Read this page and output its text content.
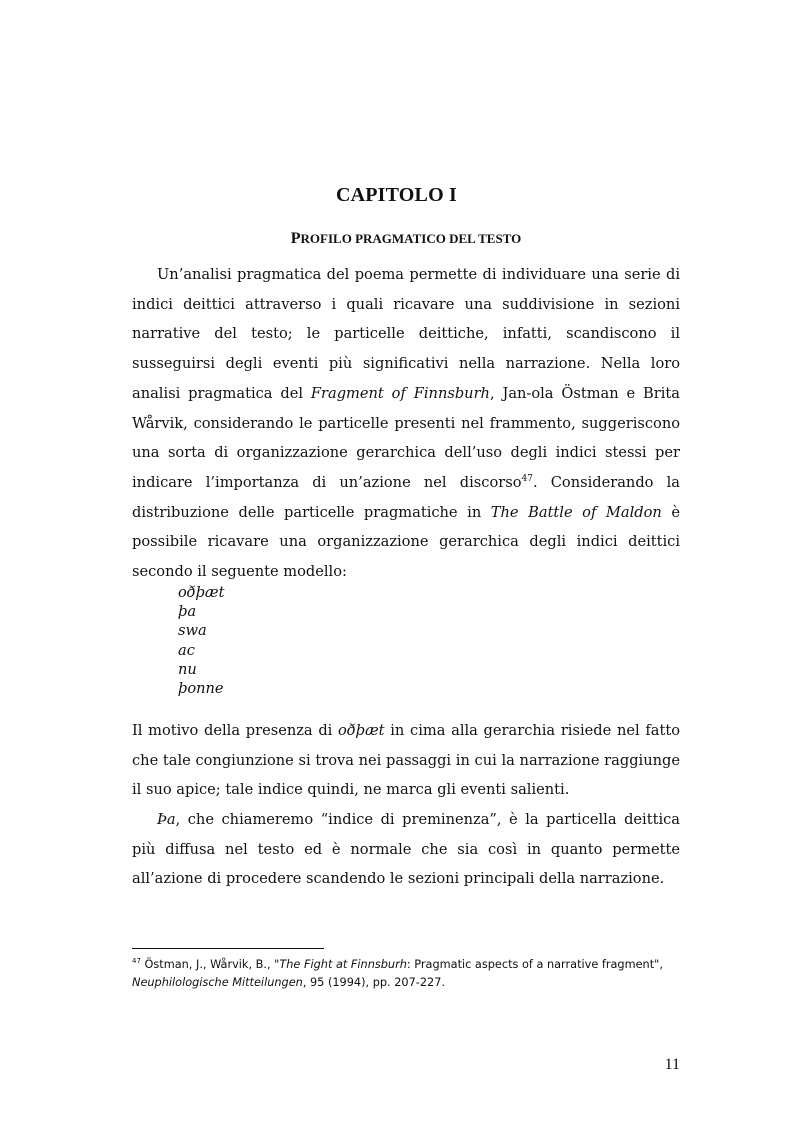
CAPITOLO I
PROFILO PRAGMATICO DEL TESTO

Un’analisi pragmatica del poema permette di individuare una serie di indici deittici attraverso i quali ricavare una suddivisione in sezioni narrative del testo; le particelle deittiche, infatti, scandiscono il susseguirsi degli eventi più significativi nella narrazione. Nella loro analisi pragmatica del Fragment of Finnsburh, Jan-ola Östman e Brita Wårvik, considerando le particelle presenti nel frammento, suggeriscono una sorta di organizzazione gerarchica dell’uso degli indici stessi per indicare l’importanza di un’azione nel discorso$^{47}$. Considerando la distribuzione delle particelle pragmatiche in The Battle of Maldon è possibile ricavare una organizzazione gerarchica degli indici deittici secondo il seguente modello:

oðþæt
þa
swa
ac
nu
þonne

Il motivo della presenza di oðþæt in cima alla gerarchia risiede nel fatto che tale congiunzione si trova nei passaggi in cui la narrazione raggiunge il suo apice; tale indice quindi, ne marca gli eventi salienti.

Þa, che chiameremo “indice di preminenza”, è la particella deittica più diffusa nel testo ed è normale che sia così in quanto permette all’azione di procedere scandendo le sezioni principali della narrazione.

$^{47}$ Östman, J., Wårvik, B., "The Fight at Finnsburh: Pragmatic aspects of a narrative fragment", Neuphilologische Mitteilungen, 95 (1994), pp. 207-227.

11
